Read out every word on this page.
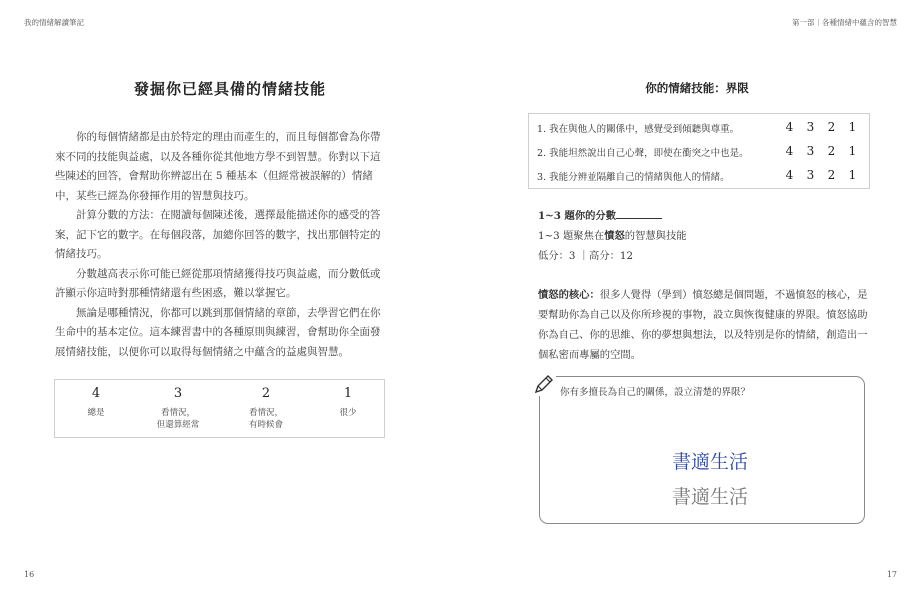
我的情緒解讀筆記	第一部｜各種情緒中蘊含的智慧
發掘你已經具備的情緒技能

你的每個情緒都是由於特定的理由而產生的，而且每個都會為你帶來不同的技能與益處，以及各種你從其他地方學不到智慧。你對以下這些陳述的回答，會幫助你辨認出在 5 種基本（但經常被誤解的）情緒中，某些已經為你發揮作用的智慧與技巧。

計算分數的方法：在閱讀每個陳述後，選擇最能描述你的感受的答案，記下它的數字。在每個段落，加總你回答的數字，找出那個特定的情緒技巧。

分數越高表示你可能已經從那項情緒獲得技巧與益處，而分數低或許顯示你這時對那種情緒還有些困惑，難以掌握它。

無論是哪種情況，你都可以跳到那個情緒的章節，去學習它們在你生命中的基本定位。這本練習書中的各種原則與練習，會幫助你全面發展情緒技能，以便你可以取得每個情緒之中蘊含的益處與智慧。

4
總是
3
看情況，
但還算經常
2
看情況，
有時候會
1
很少
16
你的情緒技能：界限
1. 我在與他人的關係中，感覺受到傾聽與尊重。	4 3 2 1
2. 我能坦然說出自己心聲，即使在衝突之中也是。	4 3 2 1
3. 我能分辨並隔離自己的情緒與他人的情緒。	4 3 2 1
1~3 題你的分數
1~3 題聚焦在憤怒的智慧與技能
低分：3 ｜高分：12
憤怒的核心：很多人覺得（學到）憤怒總是個問題，不過憤怒的核心，是要幫助你為自己以及你所珍視的事物，設立與恢復健康的界限。憤怒協助你為自己、你的思維、你的夢想與想法，以及特別是你的情緒，創造出一個私密而專屬的空間。
你有多擅長為自己的關係，設立清楚的界限？
書適生活
書適生活
17
